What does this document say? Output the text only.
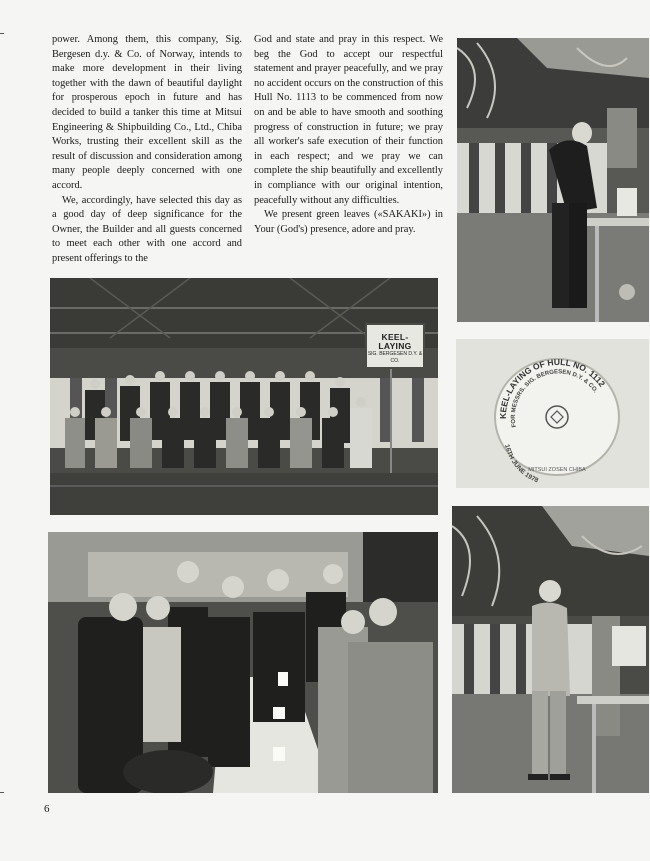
power. Among them, this company, Sig. Bergesen d.y. & Co. of Norway, intends to make more development in their living together with the dawn of beautiful daylight for prosperous epoch in future and has decided to build a tanker this time at Mitsui Engineering & Shipbuilding Co., Ltd., Chiba Works, trusting their excellent skill as the result of discussion and consideration among many people deeply concerned with one accord.

We, accordingly, have selected this day as a good day of deep significance for the Owner, the Builder and all guests concerned to meet each other with one accord and present offerings to the

God and state and pray in this respect. We beg the God to accept our respectful statement and prayer peacefully, and we pray no accident occurs on the construction of this Hull No. 1113 to be commenced from now on and be able to have smooth and soothing progress of construction in future; we pray all worker's safe execution of their function in each respect; and we pray we can complete the ship beautifully and excellently in compliance with our original intention, peacefully without any difficulties.

We present green leaves («SAKAKI») in Your (God's) presence, adore and pray.

KEEL-LAYING
SIG. BERGESEN D.Y. & CO.
KEEL-LAYING OF HULL NO. 1112
FOR MESSRS. SIG. BERGESEN D.Y. & CO.
16TH JUNE 1978
MITSUI ZOSEN CHIBA
6
